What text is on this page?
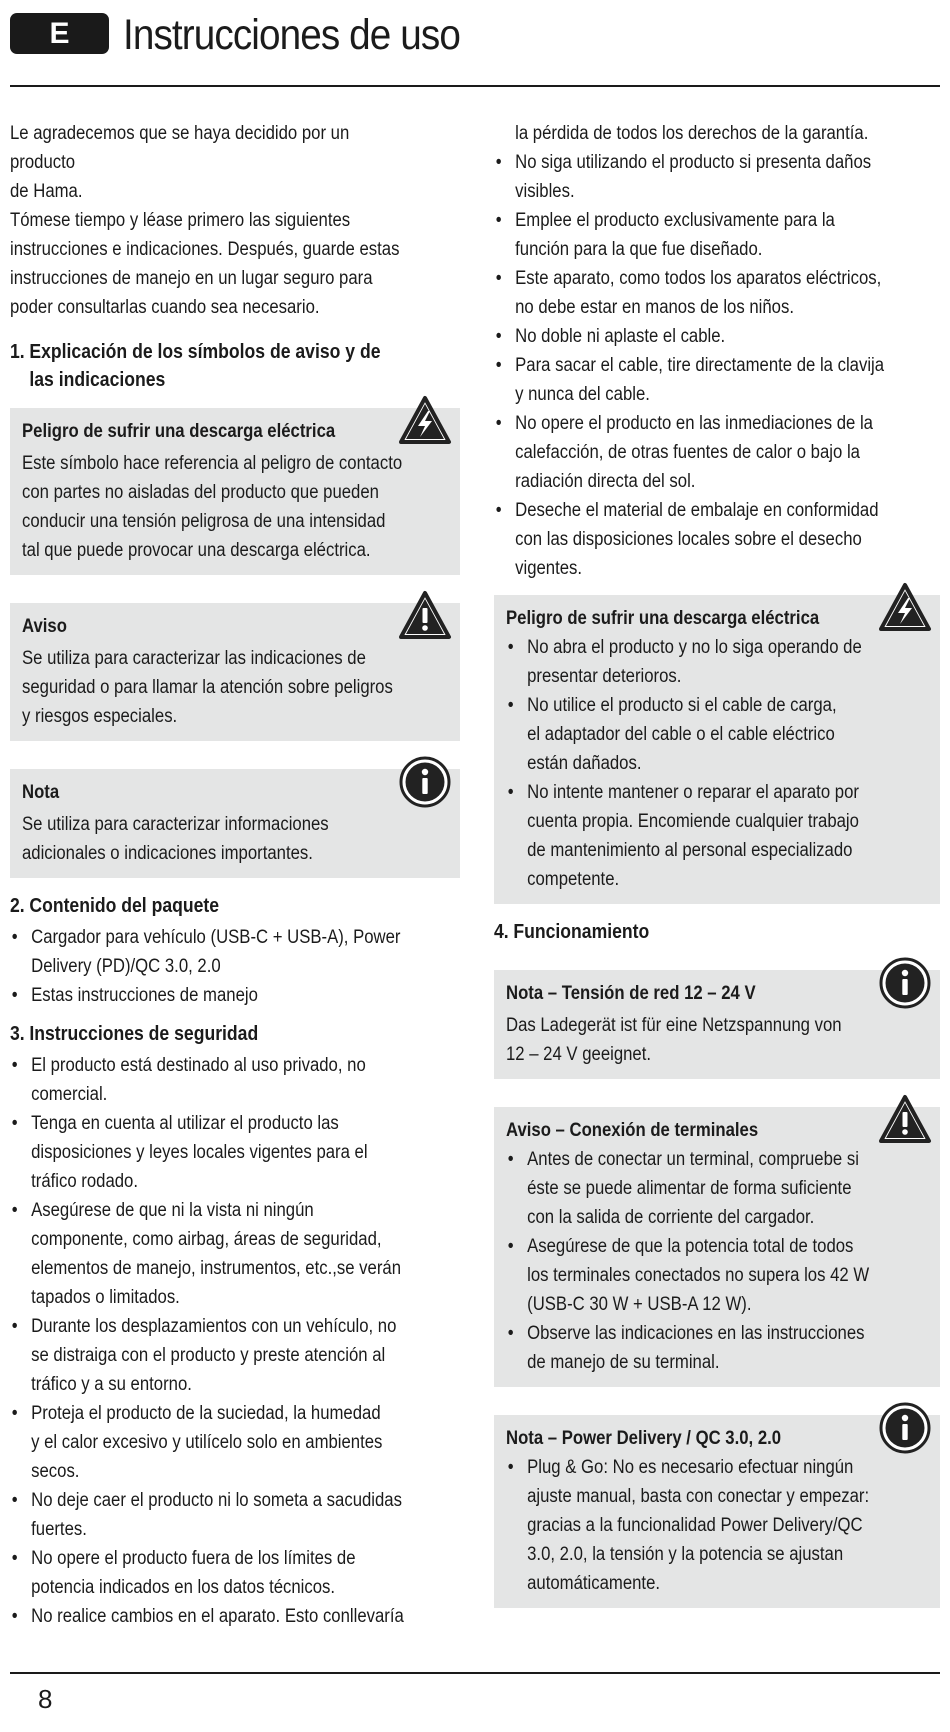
E	Instrucciones de uso

Le agradecemos que se haya decidido por un
producto
de Hama.
Tómese tiempo y léase primero las siguientes
instrucciones e indicaciones. Después, guarde estas
instrucciones de manejo en un lugar seguro para
poder consultarlas cuando sea necesario.

1. Explicación de los símbolos de aviso y de
las indicaciones

Peligro de sufrir una descarga eléctrica

Este símbolo hace referencia al peligro de contacto
con partes no aisladas del producto que pueden
conducir una tensión peligrosa de una intensidad
tal que puede provocar una descarga eléctrica.

Aviso

Se utiliza para caracterizar las indicaciones de
seguridad o para llamar la atención sobre peligros
y riesgos especiales.

Nota

Se utiliza para caracterizar informaciones
adicionales o indicaciones importantes.

2. Contenido del paquete
• Cargador para vehículo (USB-C + USB-A), Power
Delivery (PD)/QC 3.0, 2.0
• Estas instrucciones de manejo
3. Instrucciones de seguridad
• El producto está destinado al uso privado, no
comercial.
• Tenga en cuenta al utilizar el producto las
disposiciones y leyes locales vigentes para el
tráfico rodado.
• Asegúrese de que ni la vista ni ningún
componente, como airbag, áreas de seguridad,
elementos de manejo, instrumentos, etc.,se verán
tapados o limitados.
• Durante los desplazamientos con un vehículo, no
se distraiga con el producto y preste atención al
tráfico y a su entorno.
• Proteja el producto de la suciedad, la humedad
y el calor excesivo y utilícelo solo en ambientes
secos.
• No deje caer el producto ni lo someta a sacudidas
fuertes.
• No opere el producto fuera de los límites de
potencia indicados en los datos técnicos.
• No realice cambios en el aparato. Esto conllevaría

la pérdida de todos los derechos de la garantía.

• No siga utilizando el producto si presenta daños
visibles.
• Emplee el producto exclusivamente para la
función para la que fue diseñado.
• Este aparato, como todos los aparatos eléctricos,
no debe estar en manos de los niños.
• No doble ni aplaste el cable.
• Para sacar el cable, tire directamente de la clavija
y nunca del cable.
• No opere el producto en las inmediaciones de la
calefacción, de otras fuentes de calor o bajo la
radiación directa del sol.
• Deseche el material de embalaje en conformidad
con las disposiciones locales sobre el desecho
vigentes.

Peligro de sufrir una descarga eléctrica

• No abra el producto y no lo siga operando de
presentar deterioros.
• No utilice el producto si el cable de carga,
el adaptador del cable o el cable eléctrico
están dañados.
• No intente mantener o reparar el aparato por
cuenta propia. Encomiende cualquier trabajo
de mantenimiento al personal especializado
competente.
4. Funcionamiento

Nota – Tensión de red 12 – 24 V

Das Ladegerät ist für eine Netzspannung von
12 – 24 V geeignet.

Aviso – Conexión de terminales

• Antes de conectar un terminal, compruebe si
éste se puede alimentar de forma suficiente
con la salida de corriente del cargador.
• Asegúrese de que la potencia total de todos
los terminales conectados no supera los 42 W
(USB-C 30 W + USB-A 12 W).
• Observe las indicaciones en las instrucciones
de manejo de su terminal.

Nota – Power Delivery / QC 3.0, 2.0

• Plug & Go: No es necesario efectuar ningún
ajuste manual, basta con conectar y empezar:
gracias a la funcionalidad Power Delivery/QC
3.0, 2.0, la tensión y la potencia se ajustan
automáticamente.
8
